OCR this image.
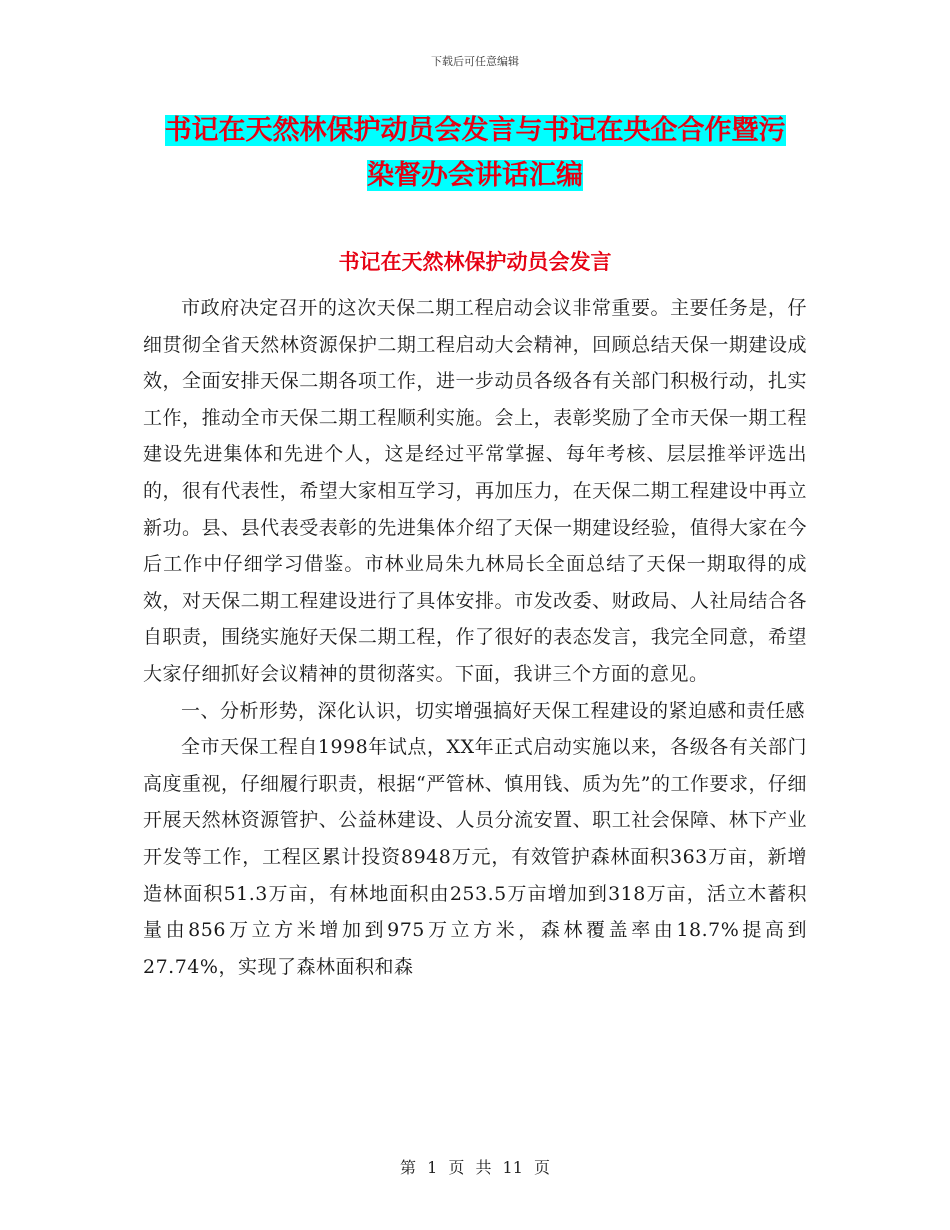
下载后可任意编辑
书记在天然林保护动员会发言与书记在央企合作暨污
染督办会讲话汇编
书记在天然林保护动员会发言

市政府决定召开的这次天保二期工程启动会议非常重要。主要任务是，仔细贯彻全省天然林资源保护二期工程启动大会精神，回顾总结天保一期建设成效，全面安排天保二期各项工作，进一步动员各级各有关部门积极行动，扎实工作，推动全市天保二期工程顺利实施。会上，表彰奖励了全市天保一期工程建设先进集体和先进个人，这是经过平常掌握、每年考核、层层推举评选出的，很有代表性，希望大家相互学习，再加压力，在天保二期工程建设中再立新功。县、县代表受表彰的先进集体介绍了天保一期建设经验，值得大家在今后工作中仔细学习借鉴。市林业局朱九林局长全面总结了天保一期取得的成效，对天保二期工程建设进行了具体安排。市发改委、财政局、人社局结合各自职责，围绕实施好天保二期工程，作了很好的表态发言，我完全同意，希望大家仔细抓好会议精神的贯彻落实。下面，我讲三个方面的意见。

一、分析形势，深化认识，切实增强搞好天保工程建设的紧迫感和责任感

全市天保工程自1998年试点，XX年正式启动实施以来，各级各有关部门高度重视，仔细履行职责，根据“严管林、慎用钱、质为先”的工作要求，仔细开展天然林资源管护、公益林建设、人员分流安置、职工社会保障、林下产业开发等工作，工程区累计投资8948万元，有效管护森林面积363万亩，新增造林面积51.3万亩，有林地面积由253.5万亩增加到318万亩，活立木蓄积量由856万立方米增加到975万立方米，森林覆盖率由18.7%提高到27.74%，实现了森林面积和森

第 1 页 共 11 页
